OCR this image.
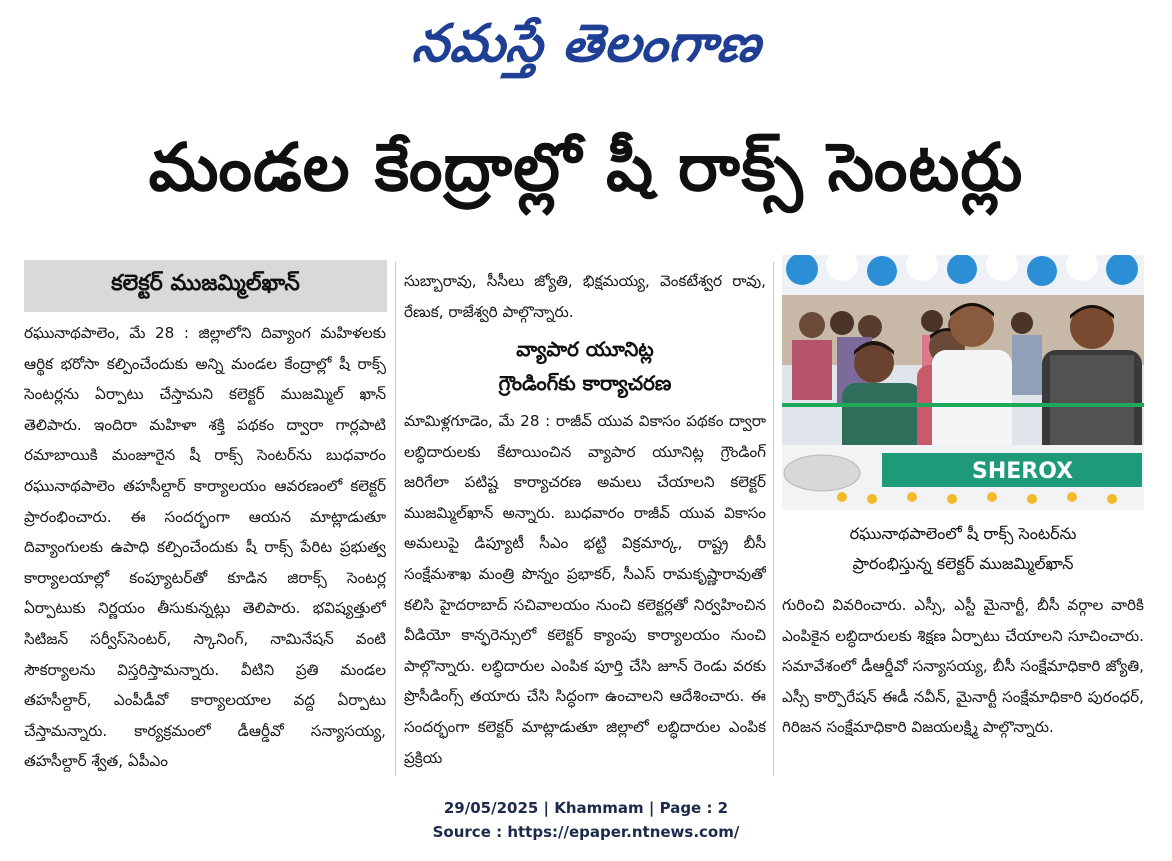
నమస్తే తెలంగాణ
మండల కేంద్రాల్లో షీ రాక్స్ సెంటర్లు
కలెక్టర్ ముజమ్మిల్‌ఖాన్
రఘునాథపాలెం, మే 28 : జిల్లాలోని దివ్యాంగ మహిళలకు ఆర్థిక భరోసా కల్పించేందుకు అన్ని మండల కేంద్రాల్లో షీ రాక్స్ సెంటర్లను ఏర్పాటు చేస్తామని కలెక్టర్ ముజమ్మిల్ ఖాన్ తెలిపారు. ఇందిరా మహిళా శక్తి పథకం ద్వారా గార్లపాటి రమాబాయికి మంజూరైన షీ రాక్స్ సెంటర్‌ను బుధవారం రఘునాథపాలెం తహసీల్దార్ కార్యాలయం ఆవరణంలో కలెక్టర్ ప్రారంభించారు. ఈ సందర్భంగా ఆయన మాట్లాడుతూ దివ్యాంగులకు ఉపాధి కల్పించేందుకు షీ రాక్స్ పేరిట ప్రభుత్వ కార్యాలయాల్లో కంప్యూటర్‌తో కూడిన జిరాక్స్ సెంటర్ల ఏర్పాటుకు నిర్ణయం తీసుకున్నట్లు తెలిపారు. భవిష్యత్తులో సిటిజన్ సర్వీస్‌సెంటర్, స్కానింగ్, నామినేషన్ వంటి సౌకర్యాలను విస్తరిస్తామన్నారు. వీటిని ప్రతి మండల తహసీల్దార్, ఎంపీడీవో కార్యాలయాల వద్ద ఏర్పాటు చేస్తామన్నారు. కార్యక్రమంలో డీఆర్డీవో సన్యాసయ్య, తహసీల్దార్ శ్వేత, ఏపీఎం
సుబ్బారావు, సీసీలు జ్యోతి, భిక్షమయ్య, వెంకటేశ్వర రావు, రేణుక, రాజేశ్వరి పాల్గొన్నారు.
వ్యాపార యూనిట్ల
గ్రౌండింగ్‌కు కార్యాచరణ
మామిళ్లగూడెం, మే 28 : రాజీవ్ యువ వికాసం పథకం ద్వారా లబ్ధిదారులకు కేటాయించిన వ్యాపార యూనిట్ల గ్రౌండింగ్ జరిగేలా పటిష్ట కార్యాచరణ అమలు చేయాలని కలెక్టర్ ముజమ్మిల్‌ఖాన్ అన్నారు. బుధవారం రాజీవ్ యువ వికాసం అమలుపై డిప్యూటీ సీఎం భట్టి విక్రమార్క, రాష్ట్ర బీసీ సంక్షేమశాఖ మంత్రి పొన్నం ప్రభాకర్, సీఎస్ రామకృష్ణారావుతో కలిసి హైదరాబాద్ సచివాలయం నుంచి కలెక్టర్లతో నిర్వహించిన వీడియో కాన్ఫరెన్సులో కలెక్టర్ క్యాంపు కార్యాలయం నుంచి పాల్గొన్నారు. లబ్ధిదారుల ఎంపిక పూర్తి చేసి జూన్ రెండు వరకు ప్రొసీడింగ్స్ తయారు చేసి సిద్ధంగా ఉంచాలని ఆదేశించారు. ఈ సందర్భంగా కలెక్టర్ మాట్లాడుతూ జిల్లాలో లబ్ధిదారుల ఎంపిక ప్రక్రియ
SHEROX
రఘునాథపాలెంలో షీ రాక్స్ సెంటర్‌ను
ప్రారంభిస్తున్న కలెక్టర్ ముజమ్మిల్‌ఖాన్
గురించి వివరించారు. ఎస్సీ, ఎస్టీ మైనార్టీ, బీసీ వర్గాల వారికి ఎంపికైన లబ్ధిదారులకు శిక్షణ ఏర్పాటు చేయాలని సూచించారు. సమావేశంలో డీఆర్డీవో సన్యాసయ్య, బీసీ సంక్షేమాధికారి జ్యోతి, ఎస్సీ కార్పొరేషన్ ఈడీ నవీన్, మైనార్టీ సంక్షేమాధికారి పురంధర్, గిరిజన సంక్షేమాధికారి విజయలక్ష్మి పాల్గొన్నారు.
29/05/2025 | Khammam | Page : 2
Source : https://epaper.ntnews.com/
